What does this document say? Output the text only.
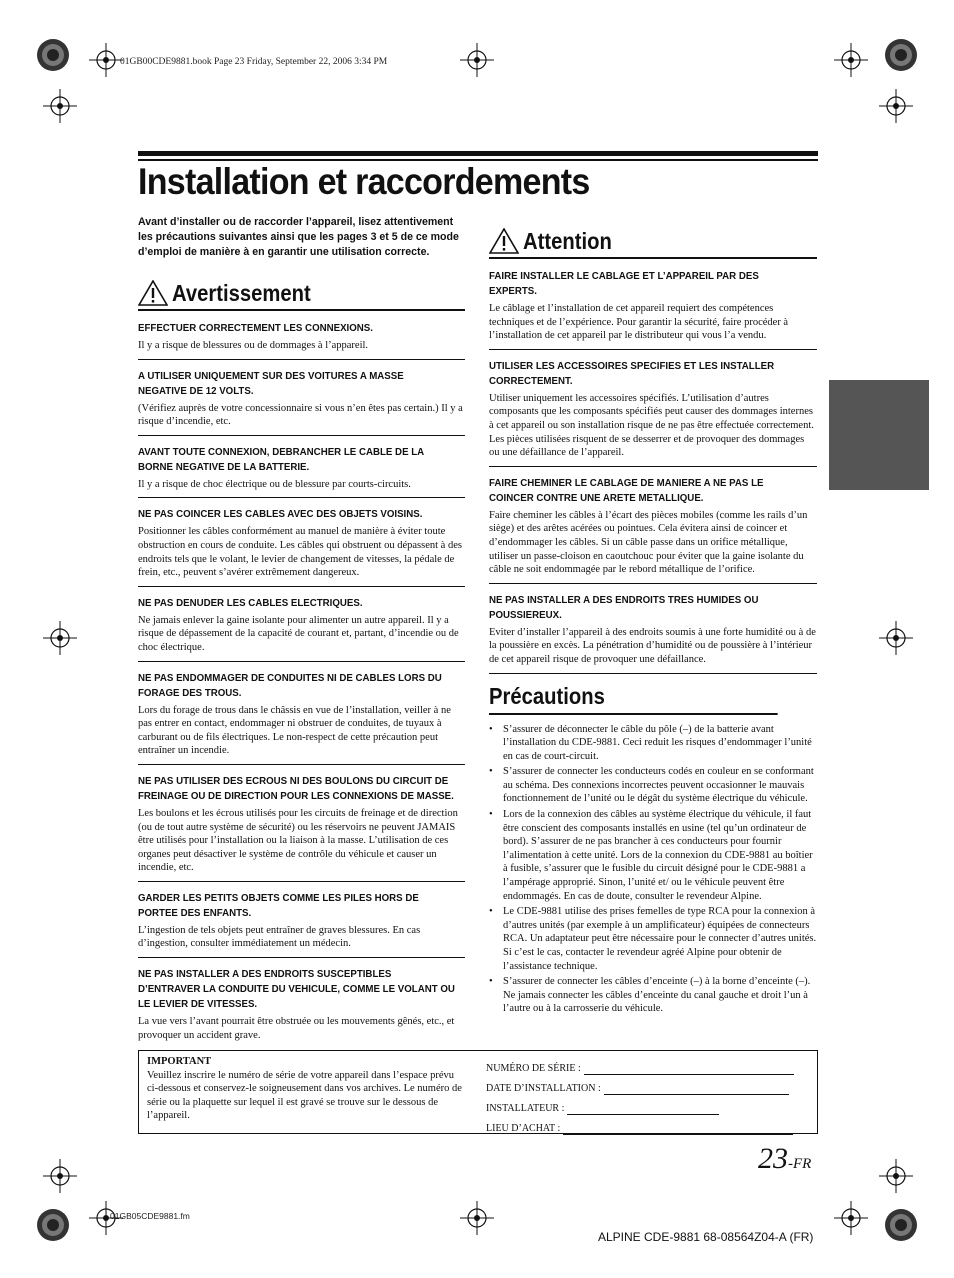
01GB00CDE9881.book Page 23 Friday, September 22, 2006 3:34 PM
Installation et raccordements
Avant d’installer ou de raccorder l’appareil, lisez attentivement les précautions suivantes ainsi que les pages 3 et 5 de ce mode d’emploi de manière à en garantir une utilisation correcte.
Avertissement
EFFECTUER CORRECTEMENT LES CONNEXIONS.

Il y a risque de blessures ou de dommages à l’appareil.

A UTILISER UNIQUEMENT SUR DES VOITURES A MASSE NEGATIVE DE 12 VOLTS.

(Vérifiez auprès de votre concessionnaire si vous n’en êtes pas certain.) Il y a risque d’incendie, etc.

AVANT TOUTE CONNEXION, DEBRANCHER LE CABLE DE LA BORNE NEGATIVE DE LA BATTERIE.

Il y a risque de choc électrique ou de blessure par courts-circuits.

NE PAS COINCER LES CABLES AVEC DES OBJETS VOISINS.

Positionner les câbles conformément au manuel de manière à éviter toute obstruction en cours de conduite. Les câbles qui obstruent ou dépassent à des endroits tels que le volant, le levier de changement de vitesses, la pédale de frein, etc., peuvent s’avérer extrêmement dangereux.

NE PAS DENUDER LES CABLES ELECTRIQUES.

Ne jamais enlever la gaine isolante pour alimenter un autre appareil. Il y a risque de dépassement de la capacité de courant et, partant, d’incendie ou de choc électrique.

NE PAS ENDOMMAGER DE CONDUITES NI DE CABLES LORS DU FORAGE DES TROUS.

Lors du forage de trous dans le châssis en vue de l’installation, veiller à ne pas entrer en contact, endommager ni obstruer de conduites, de tuyaux à carburant ou de fils électriques. Le non-respect de cette précaution peut entraîner un incendie.

NE PAS UTILISER DES ECROUS NI DES BOULONS DU CIRCUIT DE FREINAGE OU DE DIRECTION POUR LES CONNEXIONS DE MASSE.

Les boulons et les écrous utilisés pour les circuits de freinage et de direction (ou de tout autre système de sécurité) ou les réservoirs ne peuvent JAMAIS être utilisés pour l’installation ou la liaison à la masse. L’utilisation de ces organes peut désactiver le système de contrôle du véhicule et causer un incendie, etc.

GARDER LES PETITS OBJETS COMME LES PILES HORS DE PORTEE DES ENFANTS.

L’ingestion de tels objets peut entraîner de graves blessures. En cas d’ingestion, consulter immédiatement un médecin.

NE PAS INSTALLER A DES ENDROITS SUSCEPTIBLES D’ENTRAVER LA CONDUITE DU VEHICULE, COMME LE VOLANT OU LE LEVIER DE VITESSES.

La vue vers l’avant pourrait être obstruée ou les mouvements gênés, etc., et provoquer un accident grave.

Attention
FAIRE INSTALLER LE CABLAGE ET L’APPAREIL PAR DES EXPERTS.

Le câblage et l’installation de cet appareil requiert des compétences techniques et de l’expérience. Pour garantir la sécurité, faire procéder à l’installation de cet appareil par le distributeur qui vous l’a vendu.

UTILISER LES ACCESSOIRES SPECIFIES ET LES INSTALLER CORRECTEMENT.

Utiliser uniquement les accessoires spécifiés. L’utilisation d’autres composants que les composants spécifiés peut causer des dommages internes à cet appareil ou son installation risque de ne pas être effectuée correctement. Les pièces utilisées risquent de se desserrer et de provoquer des dommages ou une défaillance de l’appareil.

FAIRE CHEMINER LE CABLAGE DE MANIERE A NE PAS LE COINCER CONTRE UNE ARETE METALLIQUE.

Faire cheminer les câbles à l’écart des pièces mobiles (comme les rails d’un siège) et des arêtes acérées ou pointues. Cela évitera ainsi de coincer et d’endommager les câbles. Si un câble passe dans un orifice métallique, utiliser un passe-cloison en caoutchouc pour éviter que la gaine isolante du câble ne soit endommagée par le rebord métallique de l’orifice.

NE PAS INSTALLER A DES ENDROITS TRES HUMIDES OU POUSSIEREUX.

Eviter d’installer l’appareil à des endroits soumis à une forte humidité ou à de la poussière en excès. La pénétration d’humidité ou de poussière à l’intérieur de cet appareil risque de provoquer une défaillance.

Précautions
• S’assurer de déconnecter le câble du pôle (–) de la batterie avant l’installation du CDE-9881. Ceci reduit les risques d’endommager l’unité en cas de court-circuit.
• S’assurer de connecter les conducteurs codés en couleur en se conformant au schéma. Des connexions incorrectes peuvent occasionner le mauvais fonctionnement de l’unité ou le dégât du système électrique du véhicule.
• Lors de la connexion des câbles au système électrique du véhicule, il faut être conscient des composants installés en usine (tel qu’un ordinateur de bord). S’assurer de ne pas brancher à ces conducteurs pour fournir l’alimentation à cette unité. Lors de la connexion du CDE-9881 au boîtier à fusible, s’assurer que le fusible du circuit désigné pour le CDE-9881 a l’ampérage approprié. Sinon, l’unité et/ ou le véhicule peuvent être endommagés. En cas de doute, consulter le revendeur Alpine.
• Le CDE-9881 utilise des prises femelles de type RCA pour la connexion à d’autres unités (par exemple à un amplificateur) équipées de connecteurs RCA. Un adaptateur peut être nécessaire pour le connecter d’autres unités. Si c’est le cas, contacter le revendeur agréé Alpine pour obtenir de l’assistance technique.
• S’assurer de connecter les câbles d’enceinte (–) à la borne d’enceinte (–). Ne jamais connecter les câbles d’enceinte du canal gauche et droit l’un à l’autre ou à la carrosserie du véhicule.
IMPORTANT

Veuillez inscrire le numéro de série de votre appareil dans l’espace prévu ci-dessous et conservez-le soigneusement dans vos archives. Le numéro de série ou la plaquette sur lequel il est gravé se trouve sur le dessous de l’appareil.

NUMÉRO DE SÉRIE :
DATE D’INSTALLATION :
INSTALLATEUR :
LIEU D’ACHAT :
23-FR
01GB05CDE9881.fm
ALPINE CDE-9881 68-08564Z04-A (FR)
